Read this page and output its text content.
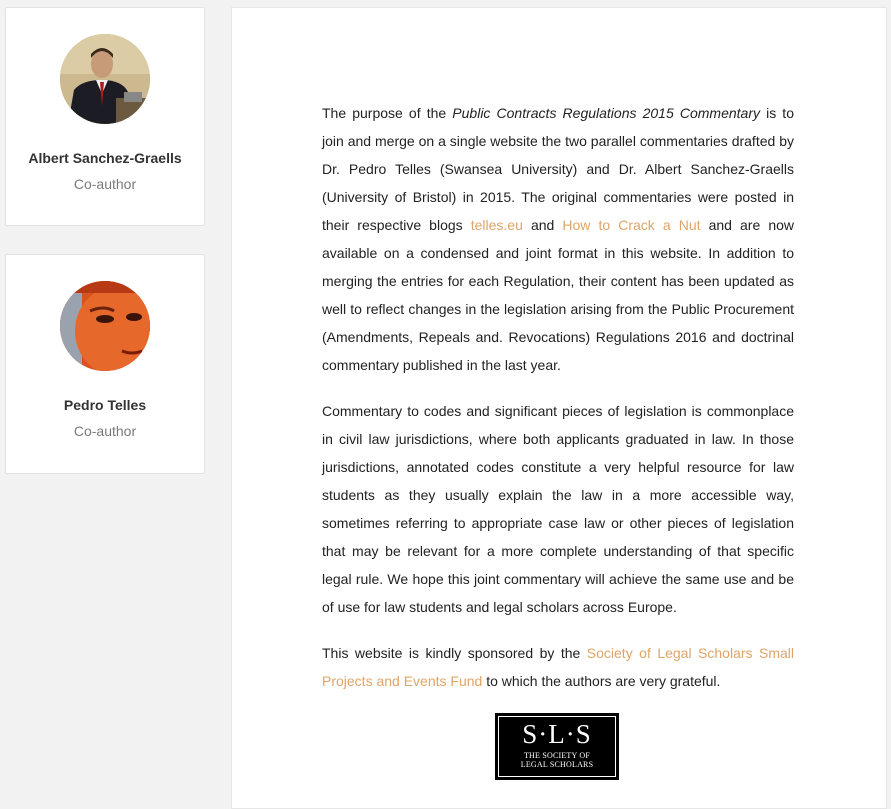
Albert Sanchez-Graells
Co-author
Pedro Telles
Co-author

The purpose of the Public Contracts Regulations 2015 Commentary is to join and merge on a single website the two parallel commentaries drafted by Dr. Pedro Telles (Swansea University) and Dr. Albert Sanchez-Graells (University of Bristol) in 2015. The original commentaries were posted in their respective blogs telles.eu and How to Crack a Nut and are now available on a condensed and joint format in this website. In addition to merging the entries for each Regulation, their content has been updated as well to reflect changes in the legislation arising from the Public Procurement (Amendments, Repeals and. Revocations) Regulations 2016 and doctrinal commentary published in the last year.

Commentary to codes and significant pieces of legislation is commonplace in civil law jurisdictions, where both applicants graduated in law. In those jurisdictions, annotated codes constitute a very helpful resource for law students as they usually explain the law in a more accessible way, sometimes referring to appropriate case law or other pieces of legislation that may be relevant for a more complete understanding of that specific legal rule. We hope this joint commentary will achieve the same use and be of use for law students and legal scholars across Europe.

This website is kindly sponsored by the Society of Legal Scholars Small Projects and Events Fund to which the authors are very grateful.

S·L·S
THE SOCIETY OF
LEGAL SCHOLARS
